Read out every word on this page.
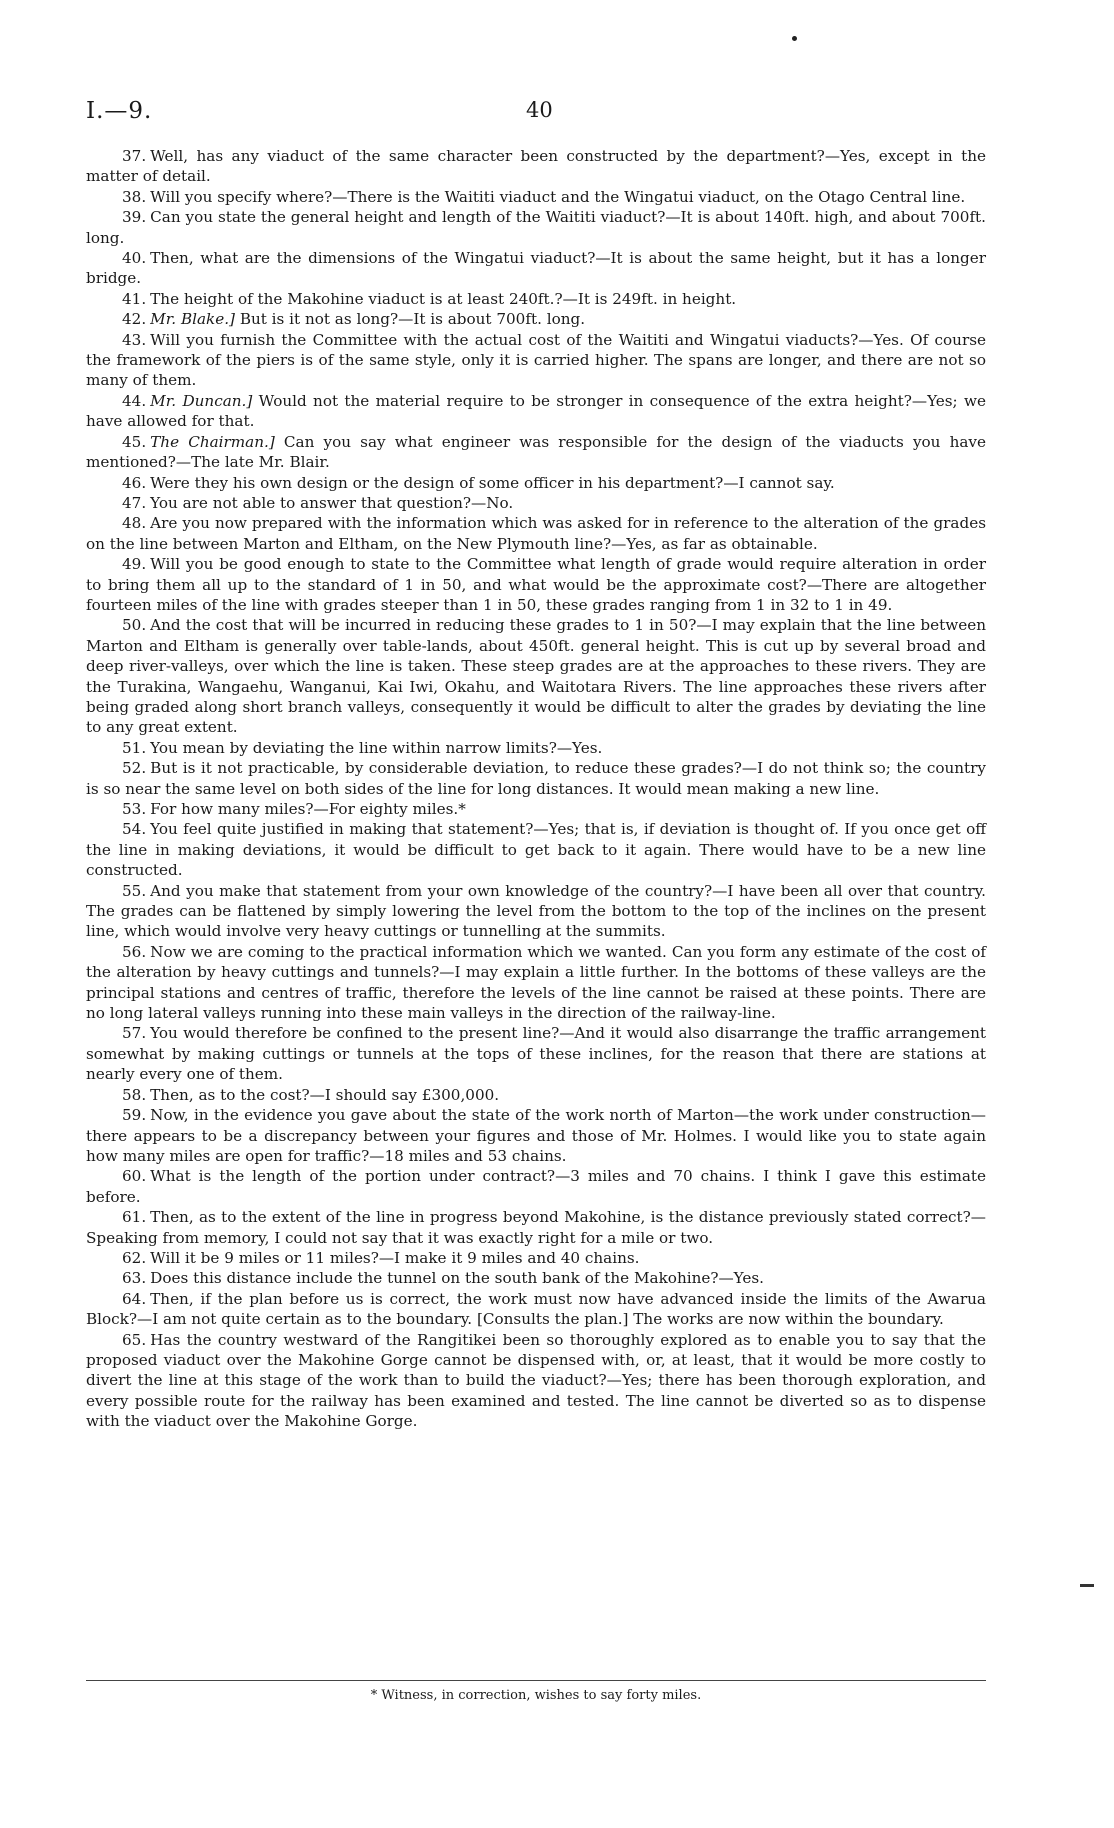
I.—9.	40

37. Well, has any viaduct of the same character been constructed by the department?—Yes, except in the matter of detail.

38. Will you specify where?—There is the Waititi viaduct and the Wingatui viaduct, on the Otago Central line.

39. Can you state the general height and length of the Waititi viaduct?—It is about 140ft. high, and about 700ft. long.

40. Then, what are the dimensions of the Wingatui viaduct?—It is about the same height, but it has a longer bridge.

41. The height of the Makohine viaduct is at least 240ft.?—It is 249ft. in height.

42. Mr. Blake.] But is it not as long?—It is about 700ft. long.

43. Will you furnish the Committee with the actual cost of the Waititi and Wingatui viaducts?—Yes. Of course the framework of the piers is of the same style, only it is carried higher. The spans are longer, and there are not so many of them.

44. Mr. Duncan.] Would not the material require to be stronger in consequence of the extra height?—Yes; we have allowed for that.

45. The Chairman.] Can you say what engineer was responsible for the design of the viaducts you have mentioned?—The late Mr. Blair.

46. Were they his own design or the design of some officer in his department?—I cannot say.

47. You are not able to answer that question?—No.

48. Are you now prepared with the information which was asked for in reference to the alteration of the grades on the line between Marton and Eltham, on the New Plymouth line?—Yes, as far as obtainable.

49. Will you be good enough to state to the Committee what length of grade would require alteration in order to bring them all up to the standard of 1 in 50, and what would be the approximate cost?—There are altogether fourteen miles of the line with grades steeper than 1 in 50, these grades ranging from 1 in 32 to 1 in 49.

50. And the cost that will be incurred in reducing these grades to 1 in 50?—I may explain that the line between Marton and Eltham is generally over table-lands, about 450ft. general height. This is cut up by several broad and deep river-valleys, over which the line is taken. These steep grades are at the approaches to these rivers. They are the Turakina, Wangaehu, Wanganui, Kai Iwi, Okahu, and Waitotara Rivers. The line approaches these rivers after being graded along short branch valleys, consequently it would be difficult to alter the grades by deviating the line to any great extent.

51. You mean by deviating the line within narrow limits?—Yes.

52. But is it not practicable, by considerable deviation, to reduce these grades?—I do not think so; the country is so near the same level on both sides of the line for long distances. It would mean making a new line.

53. For how many miles?—For eighty miles.*

54. You feel quite justified in making that statement?—Yes; that is, if deviation is thought of. If you once get off the line in making deviations, it would be difficult to get back to it again. There would have to be a new line constructed.

55. And you make that statement from your own knowledge of the country?—I have been all over that country. The grades can be flattened by simply lowering the level from the bottom to the top of the inclines on the present line, which would involve very heavy cuttings or tunnelling at the summits.

56. Now we are coming to the practical information which we wanted. Can you form any estimate of the cost of the alteration by heavy cuttings and tunnels?—I may explain a little further. In the bottoms of these valleys are the principal stations and centres of traffic, therefore the levels of the line cannot be raised at these points. There are no long lateral valleys running into these main valleys in the direction of the railway-line.

57. You would therefore be confined to the present line?—And it would also disarrange the traffic arrangement somewhat by making cuttings or tunnels at the tops of these inclines, for the reason that there are stations at nearly every one of them.

58. Then, as to the cost?—I should say £300,000.

59. Now, in the evidence you gave about the state of the work north of Marton—the work under construction—there appears to be a discrepancy between your figures and those of Mr. Holmes. I would like you to state again how many miles are open for traffic?—18 miles and 53 chains.

60. What is the length of the portion under contract?—3 miles and 70 chains. I think I gave this estimate before.

61. Then, as to the extent of the line in progress beyond Makohine, is the distance previously stated correct?—Speaking from memory, I could not say that it was exactly right for a mile or two.

62. Will it be 9 miles or 11 miles?—I make it 9 miles and 40 chains.

63. Does this distance include the tunnel on the south bank of the Makohine?—Yes.

64. Then, if the plan before us is correct, the work must now have advanced inside the limits of the Awarua Block?—I am not quite certain as to the boundary. [Consults the plan.] The works are now within the boundary.

65. Has the country westward of the Rangitikei been so thoroughly explored as to enable you to say that the proposed viaduct over the Makohine Gorge cannot be dispensed with, or, at least, that it would be more costly to divert the line at this stage of the work than to build the viaduct?—Yes; there has been thorough exploration, and every possible route for the railway has been examined and tested. The line cannot be diverted so as to dispense with the viaduct over the Makohine Gorge.

* Witness, in correction, wishes to say forty miles.
